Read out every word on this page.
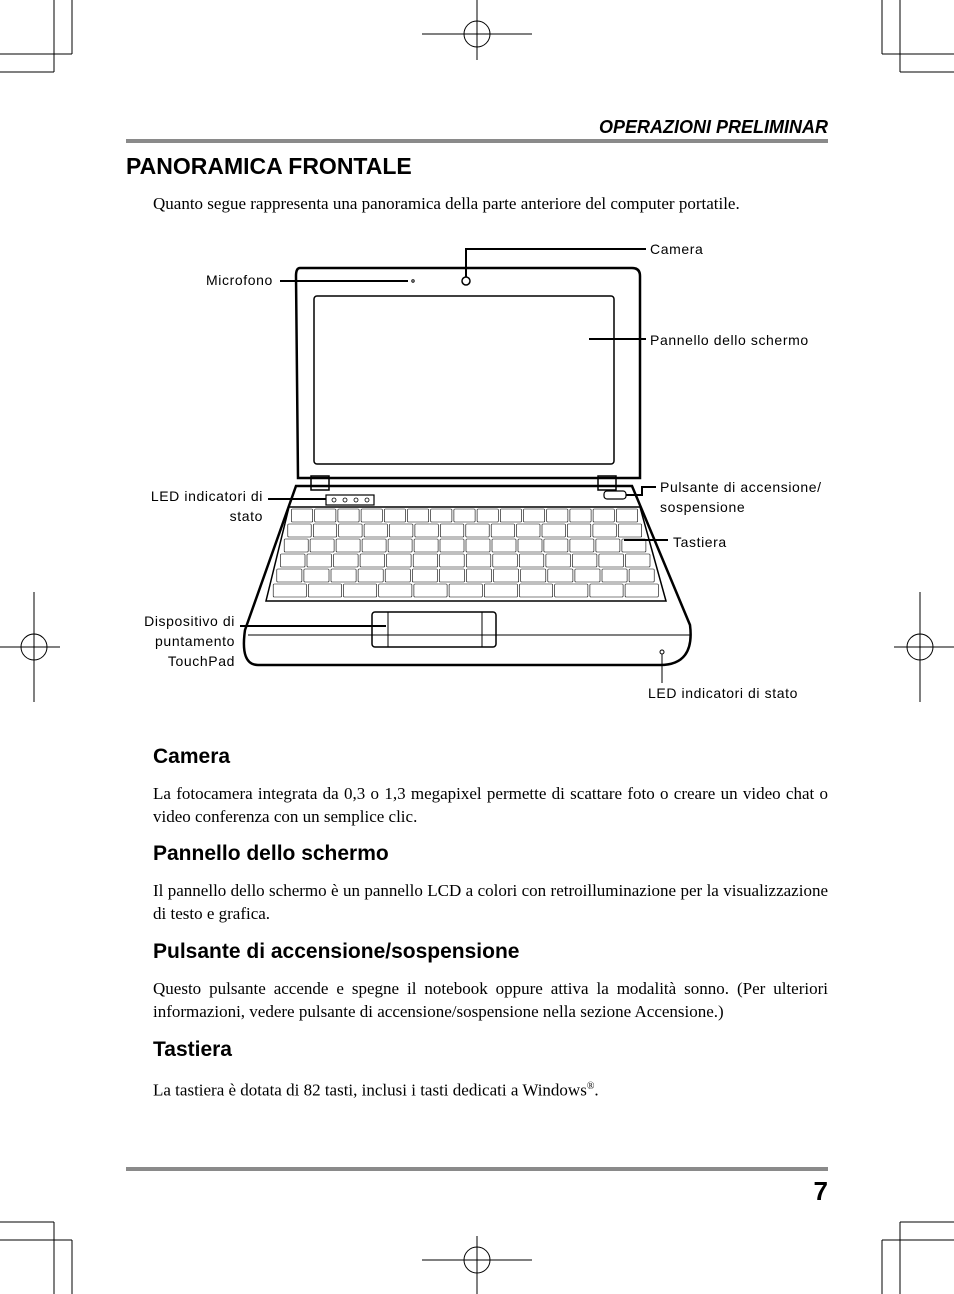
OPERAZIONI PRELIMINAR
PANORAMICA FRONTALE
Quanto segue rappresenta una panoramica della parte anteriore del computer portatile.
Camera
Microfono
Pannello dello schermo
LED indicatori di
stato
Pulsante di accensione/
sospensione
Tastiera
Dispositivo di
puntamento
TouchPad
LED indicatori di stato
Camera
La fotocamera integrata da 0,3 o 1,3 megapixel permette di scattare foto o creare un video chat o video conferenza con un semplice clic.
Pannello dello schermo
Il pannello dello schermo è un pannello LCD a colori con retroilluminazione per la visualizzazione di testo e grafica.
Pulsante di accensione/sospensione
Questo pulsante accende e spegne il notebook oppure attiva la modalità sonno. (Per ulteriori informazioni, vedere pulsante di accensione/sospensione nella sezione Accensione.)
Tastiera
La tastiera è dotata di 82 tasti, inclusi i tasti dedicati a Windows®.
7
